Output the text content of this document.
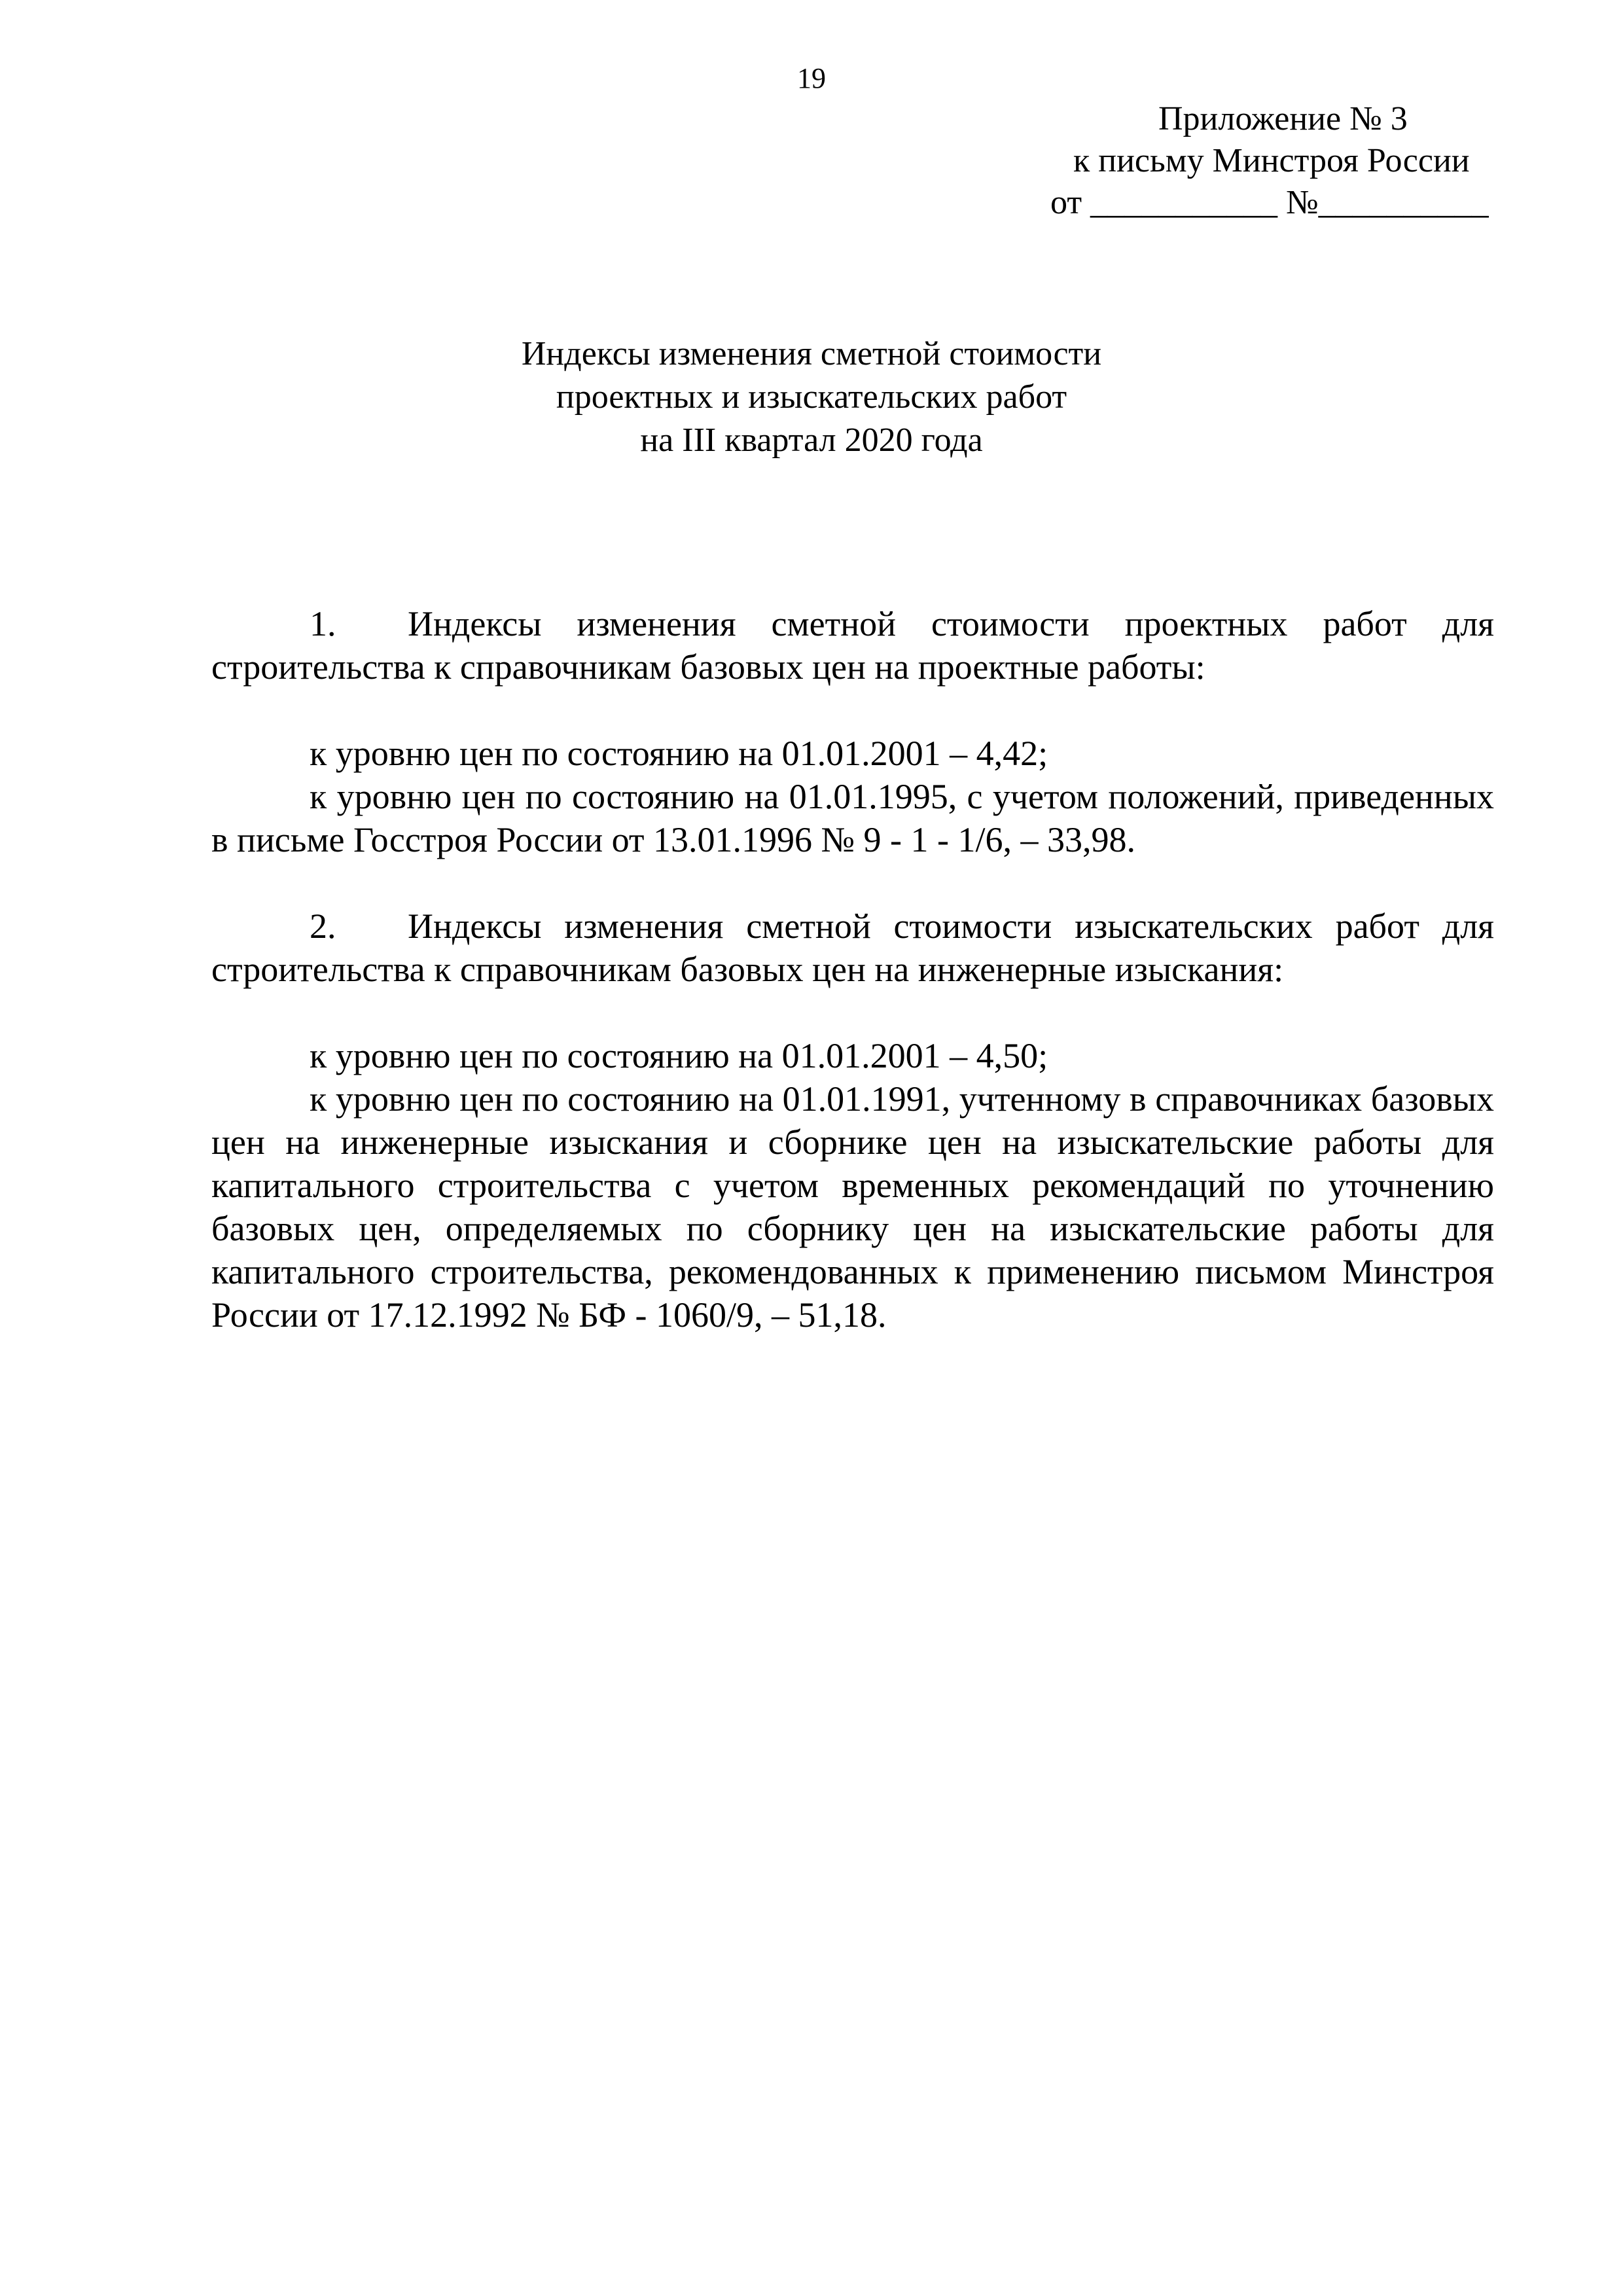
19
Приложение № 3
к письму Минстроя России
от ___________ №__________
Индексы изменения сметной стоимости
проектных и изыскательских работ
на III квартал 2020 года

1. Индексы изменения сметной стоимости проектных работ для строительства к справочникам базовых цен на проектные работы:

к уровню цен по состоянию на 01.01.2001 – 4,42;

к уровню цен по состоянию на 01.01.1995, с учетом положений, приведенных в письме Госстроя России от 13.01.1996 № 9 - 1 - 1/6, – 33,98.

2. Индексы изменения сметной стоимости изыскательских работ для строительства к справочникам базовых цен на инженерные изыскания:

к уровню цен по состоянию на 01.01.2001 – 4,50;

к уровню цен по состоянию на 01.01.1991, учтенному в справочниках базовых цен на инженерные изыскания и сборнике цен на изыскательские работы для капитального строительства с учетом временных рекомендаций по уточнению базовых цен, определяемых по сборнику цен на изыскательские работы для капитального строительства, рекомендованных к применению письмом Минстроя России от 17.12.1992 № БФ - 1060/9, – 51,18.
